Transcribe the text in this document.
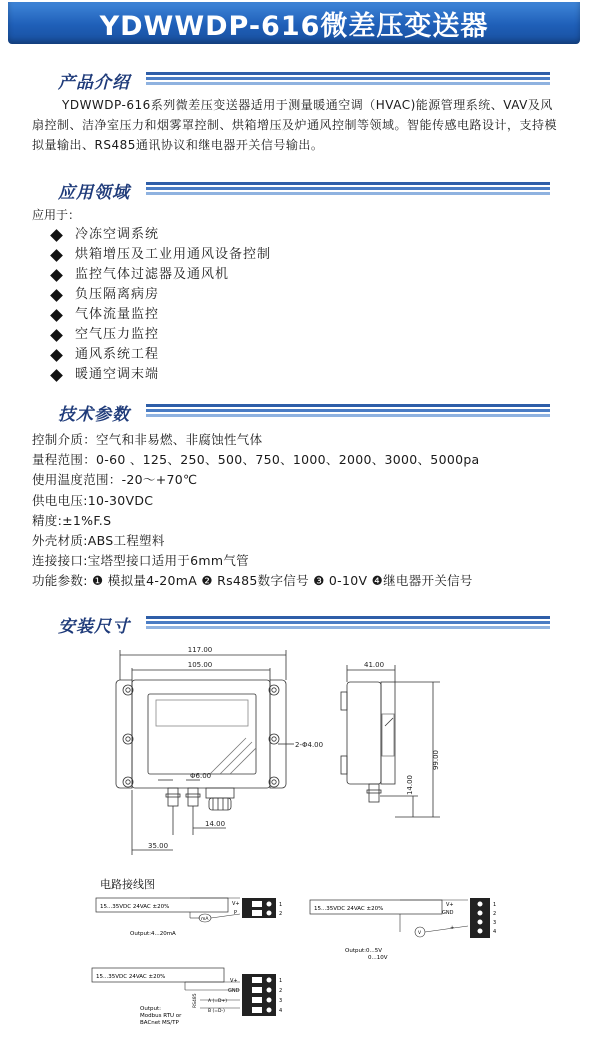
YDWWDP-616微差压变送器
产品介绍

YDWWDP-616系列微差压变送器适用于测量暖通空调（HVAC)能源管理系统、VAV及风扇控制、洁净室压力和烟雾罩控制、烘箱增压及炉通风控制等领域。智能传感电路设计，支持模拟量输出、RS485通讯协议和继电器开关信号输出。

应用领域
应用于：
冷冻空调系统
烘箱增压及工业用通风设备控制
监控气体过滤器及通风机
负压隔离病房
气体流量监控
空气压力监控
通风系统工程
暖通空调末端
技术参数
控制介质：空气和非易燃、非腐蚀性气体
量程范围：0-60 、125、250、500、750、1000、2000、3000、5000pa
使用温度范围：-20～+70℃
供电电压:10-30VDC
精度:±1%F.S
外壳材质:ABS工程塑料
连接接口:宝塔型接口适用于6mm气管
功能参数: ❶ 模拟量4-20mA ❷ Rs485数字信号 ❸ 0-10V ❹继电器开关信号
安装尺寸
117.00
105.00
2-Φ4.00
Φ6.00
14.00
35.00
41.00
99.00
14.00
电路接线图
15...35VDC 24VAC ±20%
mA
V+
P
1
2
Output:4...20mA
15...35VDC 24VAC ±20%
V
V+
GND
+
1
2
3
4
Output:0...5V
0...10V
15...35VDC 24VAC ±20%
V+
GND
A (=D+)
B (=D-)
RS485
1
2
3
4
Output:
Modbus RTU or
BACnet MS/TP
